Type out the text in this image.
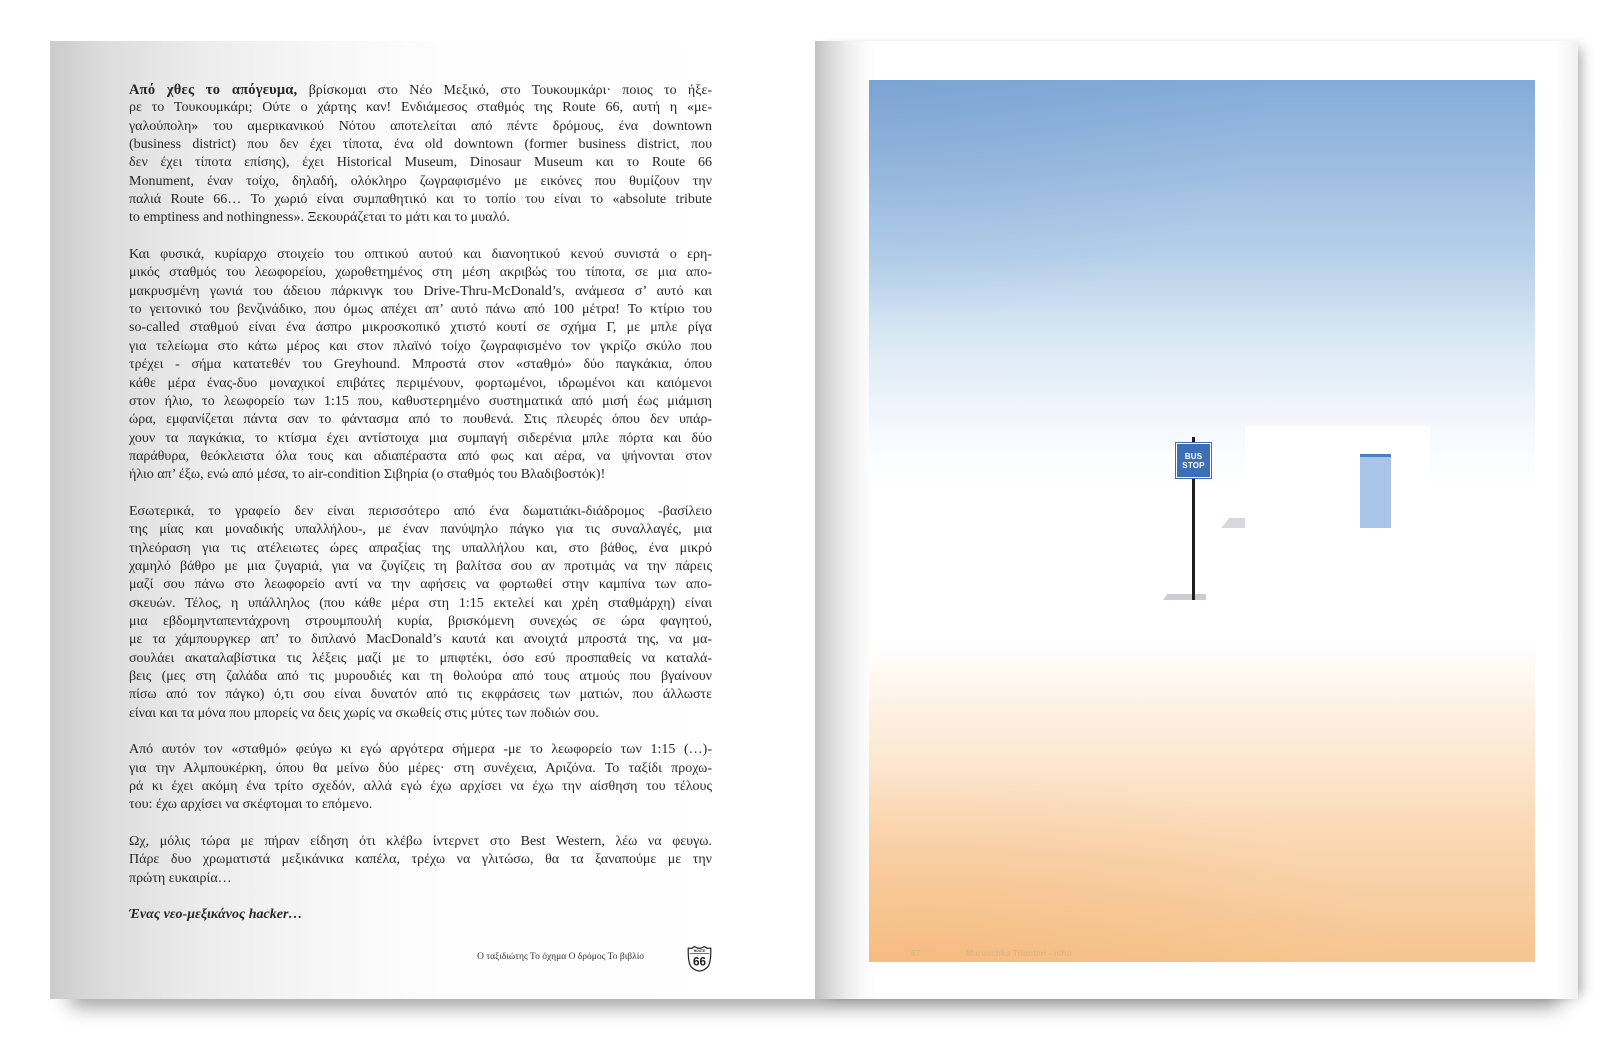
Από χθες το απόγευμα, βρίσκομαι στο Νέο Μεξικό, στο Τουκουμκάρι· ποιος το ήξε-
ρε το Τουκουμκάρι; Ούτε ο χάρτης καν! Ενδιάμεσος σταθμός της Route 66, αυτή η «με-
γαλούπολη» του αμερικανικού Νότου αποτελείται από πέντε δρόμους, ένα downtown
(business district) που δεν έχει τίποτα, ένα old downtown (former business district, που
δεν έχει τίποτα επίσης), έχει Historical Museum, Dinosaur Museum και το Route 66
Monument, έναν τοίχο, δηλαδή, ολόκληρο ζωγραφισμένο με εικόνες που θυμίζουν την
παλιά Route 66… Το χωριό είναι συμπαθητικό και το τοπίο του είναι το «absolute tribute
to emptiness and nothingness». Ξεκουράζεται το μάτι και το μυαλό.
Και φυσικά, κυρίαρχο στοιχείο του οπτικού αυτού και διανοητικού κενού συνιστά ο ερη-
μικός σταθμός του λεωφορείου, χωροθετημένος στη μέση ακριβώς του τίποτα, σε μια απο-
μακρυσμένη γωνιά του άδειου πάρκινγκ του Drive-Thru-McDonald’s, ανάμεσα σ’ αυτό και
το γειτονικό του βενζινάδικο, που όμως απέχει απ’ αυτό πάνω από 100 μέτρα! Το κτίριο του
so-called σταθμού είναι ένα άσπρο μικροσκοπικό χτιστό κουτί σε σχήμα Γ, με μπλε ρίγα
για τελείωμα στο κάτω μέρος και στον πλαϊνό τοίχο ζωγραφισμένο τον γκρίζο σκύλο που
τρέχει - σήμα κατατεθέν του Greyhound. Μπροστά στον «σταθμό» δύο παγκάκια, όπου
κάθε μέρα ένας-δυο μοναχικοί επιβάτες περιμένουν, φορτωμένοι, ιδρωμένοι και καιόμενοι
στον ήλιο, το λεωφορείο των 1:15 που, καθυστερημένο συστηματικά από μισή έως μιάμιση
ώρα, εμφανίζεται πάντα σαν το φάντασμα από το πουθενά. Στις πλευρές όπου δεν υπάρ-
χουν τα παγκάκια, το κτίσμα έχει αντίστοιχα μια συμπαγή σιδερένια μπλε πόρτα και δύο
παράθυρα, θεόκλειστα όλα τους και αδιαπέραστα από φως και αέρα, να ψήνονται στον
ήλιο απ’ έξω, ενώ από μέσα, το air-condition Σιβηρία (ο σταθμός του Βλαδιβοστόκ)!
Εσωτερικά, το γραφείο δεν είναι περισσότερο από ένα δωματιάκι-διάδρομος -βασίλειο
της μίας και μοναδικής υπαλλήλου-, με έναν πανύψηλο πάγκο για τις συναλλαγές, μια
τηλεόραση για τις ατέλειωτες ώρες απραξίας της υπαλλήλου και, στο βάθος, ένα μικρό
χαμηλό βάθρο με μια ζυγαριά, για να ζυγίζεις τη βαλίτσα σου αν προτιμάς να την πάρεις
μαζί σου πάνω στο λεωφορείο αντί να την αφήσεις να φορτωθεί στην καμπίνα των απο-
σκευών. Τέλος, η υπάλληλος (που κάθε μέρα στη 1:15 εκτελεί και χρέη σταθμάρχη) είναι
μια εβδομηνταπεντάχρονη στρουμπουλή κυρία, βρισκόμενη συνεχώς σε ώρα φαγητού,
με τα χάμπουργκερ απ’ το διπλανό MacDonald’s καυτά και ανοιχτά μπροστά της, να μα-
σουλάει ακαταλαβίστικα τις λέξεις μαζί με το μπιφτέκι, όσο εσύ προσπαθείς να καταλά-
βεις (μες στη ζαλάδα από τις μυρουδιές και τη θολούρα από τους ατμούς που βγαίνουν
πίσω από τον πάγκο) ό,τι σου είναι δυνατόν από τις εκφράσεις των ματιών, που άλλωστε
είναι και τα μόνα που μπορείς να δεις χωρίς να σκωθείς στις μύτες των ποδιών σου.
Από αυτόν τον «σταθμό» φεύγω κι εγώ αργότερα σήμερα -με το λεωφορείο των 1:15 (…)-
για την Αλμπουκέρκη, όπου θα μείνω δύο μέρες· στη συνέχεια, Αριζόνα. Το ταξίδι προχω-
ρά κι έχει ακόμη ένα τρίτο σχεδόν, αλλά εγώ έχω αρχίσει να έχω την αίσθηση του τέλους
του: έχω αρχίσει να σκέφτομαι το επόμενο.
Ωχ, μόλις τώρα με πήραν είδηση ότι κλέβω ίντερνετ στο Best Western, λέω να φευγω.
Πάρε δυο χρωματιστά μεξικάνικα καπέλα, τρέχω να γλιτώσω, θα τα ξαναπούμε με την
πρώτη ευκαιρία…
Ένας νεο-μεξικάνος hacker…
Ο ταξιδιώτης Το όχημα Ο δρόμος Το βιβλίο
ROUTE
66
BUS
STOP
67	Maruschka Triantari - niho
